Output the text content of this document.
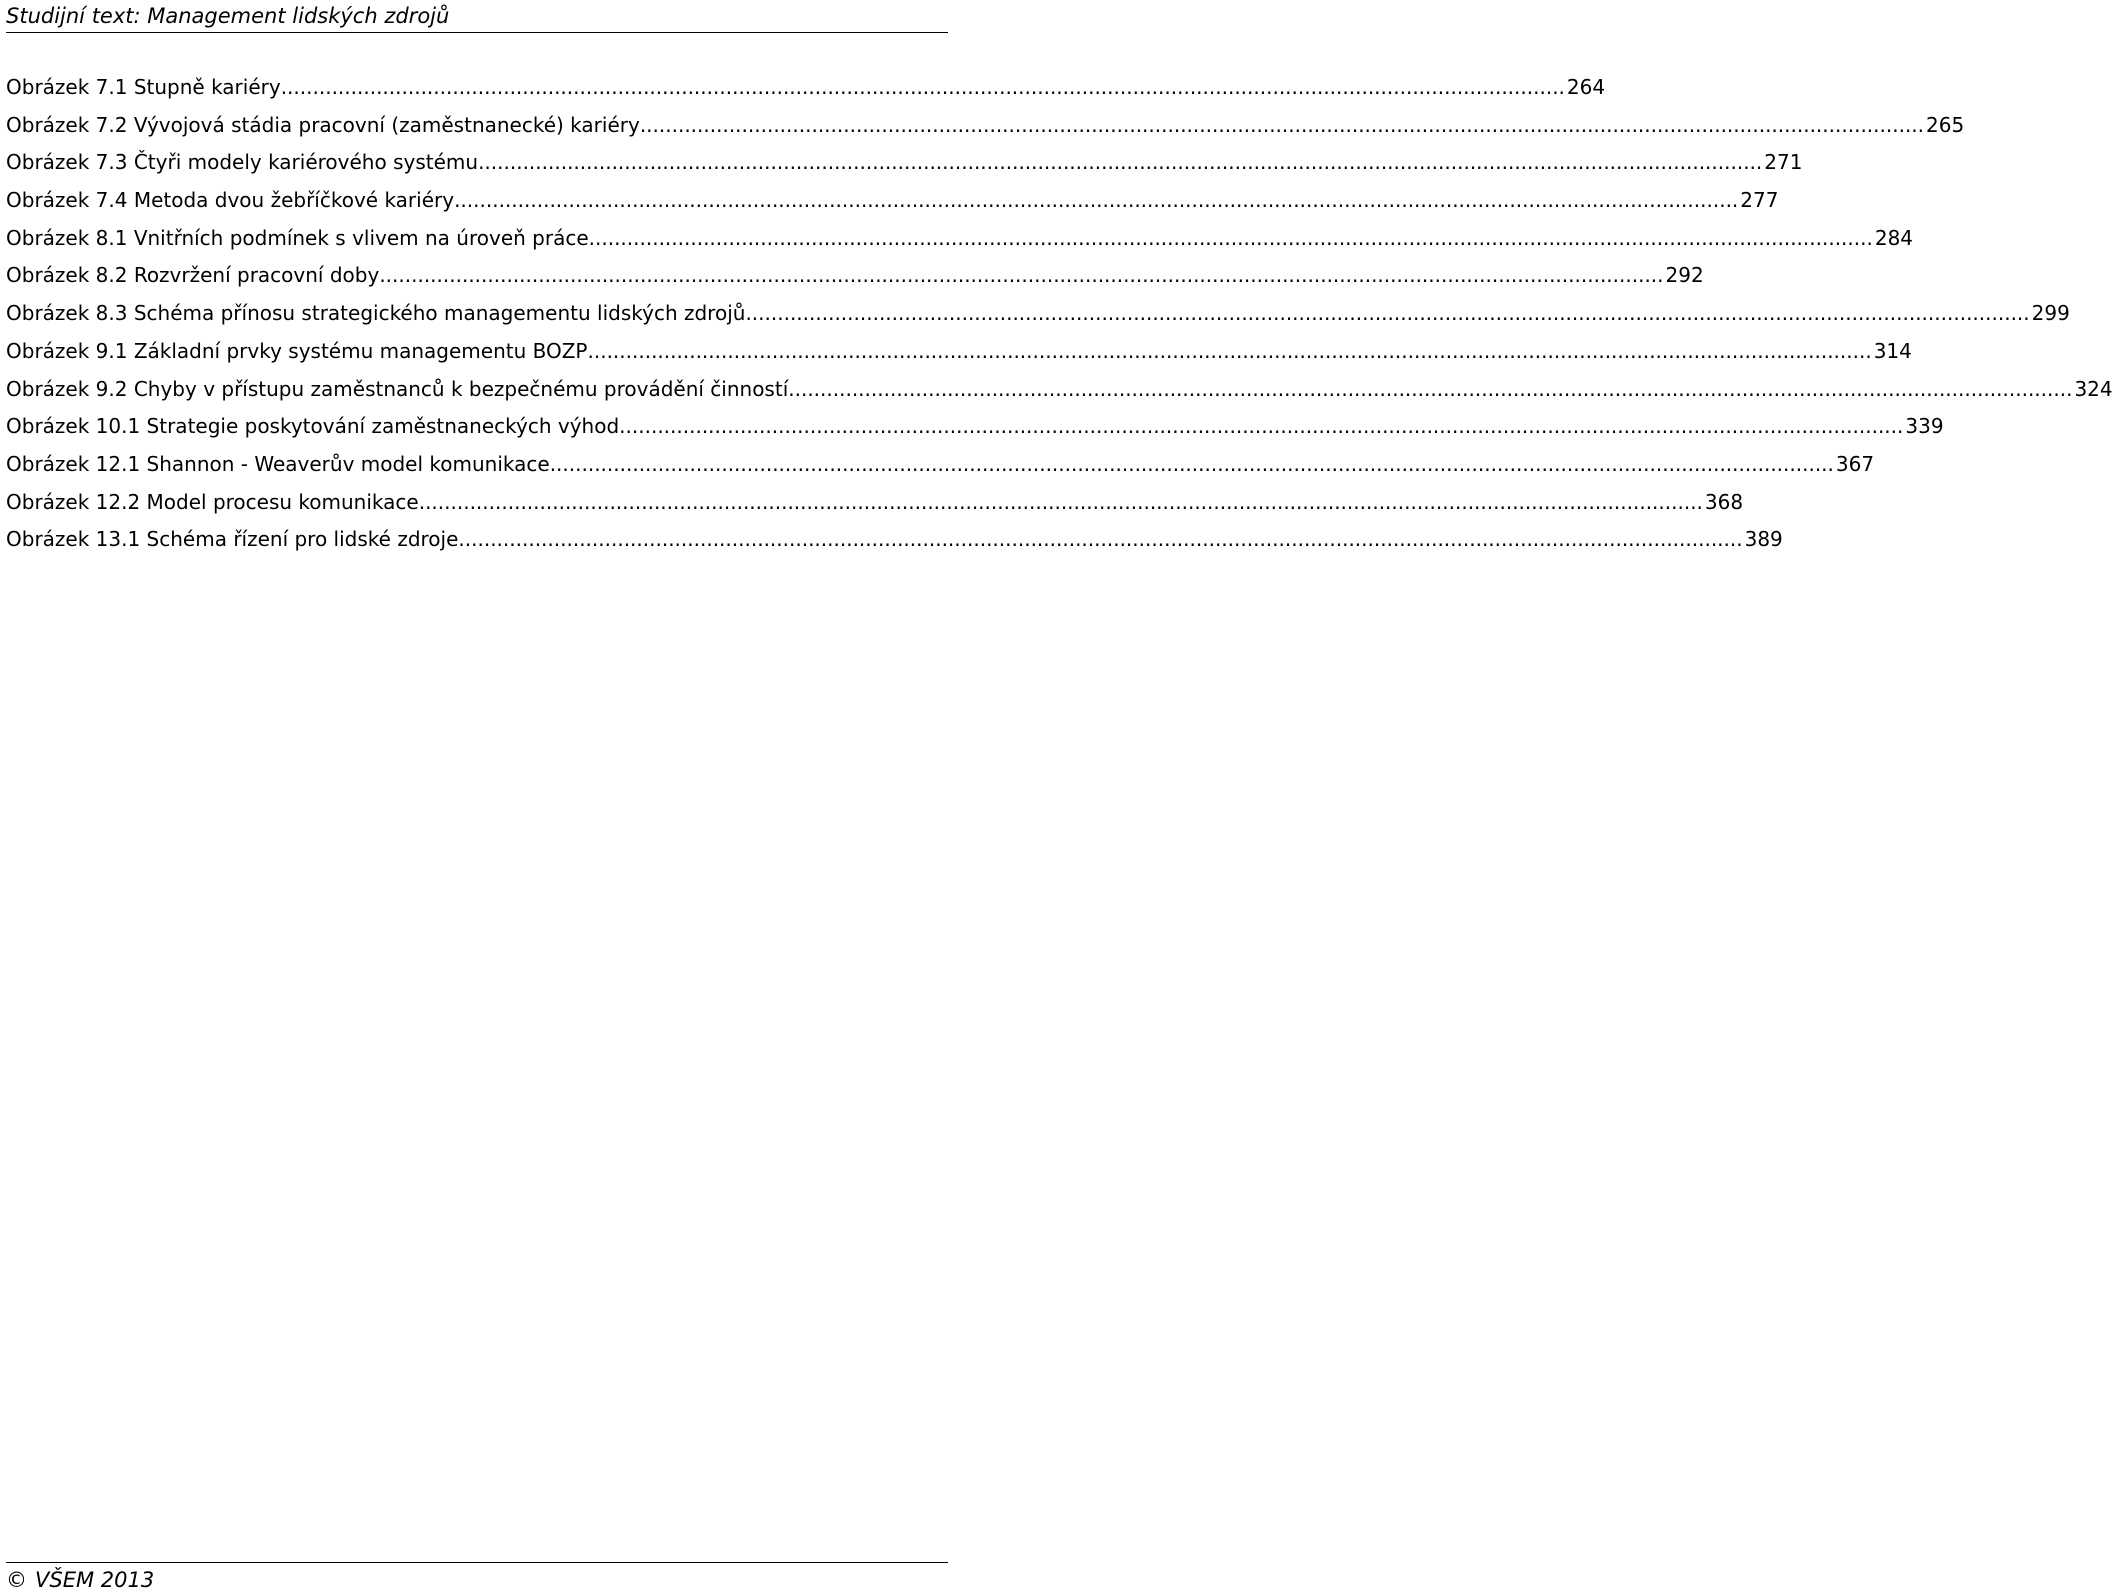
Studijní text: Management lidských zdrojů
Obrázek 7.1 Stupně kariéry .......................................................................................................................................................................................................... 264
Obrázek 7.2 Vývojová stádia pracovní (zaměstnanecké) kariéry .......................................................................................................................................................................................................... 265
Obrázek 7.3 Čtyři modely kariérového systému .......................................................................................................................................................................................................... 271
Obrázek 7.4 Metoda dvou žebříčkové kariéry .......................................................................................................................................................................................................... 277
Obrázek 8.1 Vnitřních podmínek s vlivem na úroveň práce .......................................................................................................................................................................................................... 284
Obrázek 8.2 Rozvržení pracovní doby .......................................................................................................................................................................................................... 292
Obrázek 8.3 Schéma přínosu strategického managementu lidských zdrojů .......................................................................................................................................................................................................... 299
Obrázek 9.1 Základní prvky systému managementu BOZP .......................................................................................................................................................................................................... 314
Obrázek 9.2 Chyby v přístupu zaměstnanců k bezpečnému provádění činností .......................................................................................................................................................................................................... 324
Obrázek 10.1 Strategie poskytování zaměstnaneckých výhod .......................................................................................................................................................................................................... 339
Obrázek 12.1 Shannon - Weaverův model komunikace .......................................................................................................................................................................................................... 367
Obrázek 12.2 Model procesu komunikace .......................................................................................................................................................................................................... 368
Obrázek 13.1 Schéma řízení pro lidské zdroje .......................................................................................................................................................................................................... 389
© VŠEM 2013
